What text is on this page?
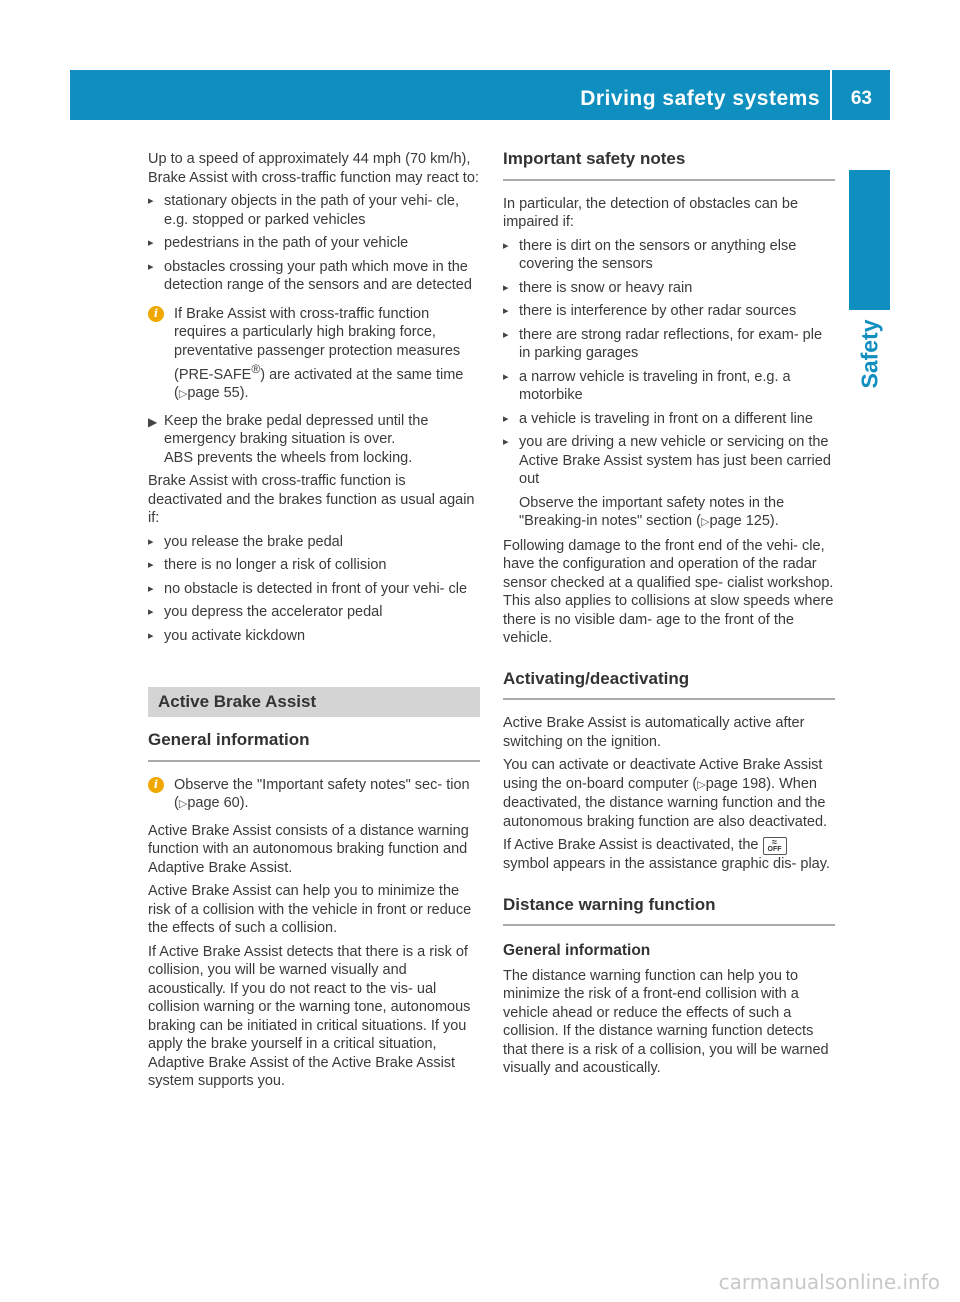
Driving safety systems 63
Safety

Up to a speed of approximately 44 mph (70 km/h), Brake Assist with cross-traffic function may react to:

▸ stationary objects in the path of your vehi- cle, e.g. stopped or parked vehicles
▸ pedestrians in the path of your vehicle
▸ obstacles crossing your path which move in the detection range of the sensors and are detected
i	If Brake Assist with cross-traffic function requires a particularly high braking force, preventative passenger protection measures (PRE-SAFE®) are activated at the same time (▷page 55).
▶ Keep the brake pedal depressed until the emergency braking situation is over.
ABS prevents the wheels from locking.

Brake Assist with cross-traffic function is deactivated and the brakes function as usual again if:

▸ you release the brake pedal
▸ there is no longer a risk of collision
▸ no obstacle is detected in front of your vehi- cle
▸ you depress the accelerator pedal
▸ you activate kickdown
Active Brake Assist
General information
i	Observe the "Important safety notes" sec- tion (▷page 60).

Active Brake Assist consists of a distance warning function with an autonomous braking function and Adaptive Brake Assist.

Active Brake Assist can help you to minimize the risk of a collision with the vehicle in front or reduce the effects of such a collision.

If Active Brake Assist detects that there is a risk of collision, you will be warned visually and acoustically. If you do not react to the vis- ual collision warning or the warning tone, autonomous braking can be initiated in critical situations. If you apply the brake yourself in a critical situation, Adaptive Brake Assist of the Active Brake Assist system supports you.

Important safety notes

In particular, the detection of obstacles can be impaired if:

▸ there is dirt on the sensors or anything else covering the sensors
▸ there is snow or heavy rain
▸ there is interference by other radar sources
▸ there are strong radar reflections, for exam- ple in parking garages
▸ a narrow vehicle is traveling in front, e.g. a motorbike
▸ a vehicle is traveling in front on a different line
▸ you are driving a new vehicle or servicing on the Active Brake Assist system has just been carried out
Observe the important safety notes in the "Breaking-in notes" section (▷page 125).

Following damage to the front end of the vehi- cle, have the configuration and operation of the radar sensor checked at a qualified spe- cialist workshop. This also applies to collisions at slow speeds where there is no visible dam- age to the front of the vehicle.

Activating/deactivating

Active Brake Assist is automatically active after switching on the ignition.

You can activate or deactivate Active Brake Assist using the on-board computer (▷page 198). When deactivated, the distance warning function and the autonomous braking function are also deactivated.

If Active Brake Assist is deactivated, the	≈
OFF symbol appears in the assistance graphic dis- play.

Distance warning function
General information

The distance warning function can help you to minimize the risk of a front-end collision with a vehicle ahead or reduce the effects of such a collision. If the distance warning function detects that there is a risk of a collision, you will be warned visually and acoustically.

carmanualsonline.info
